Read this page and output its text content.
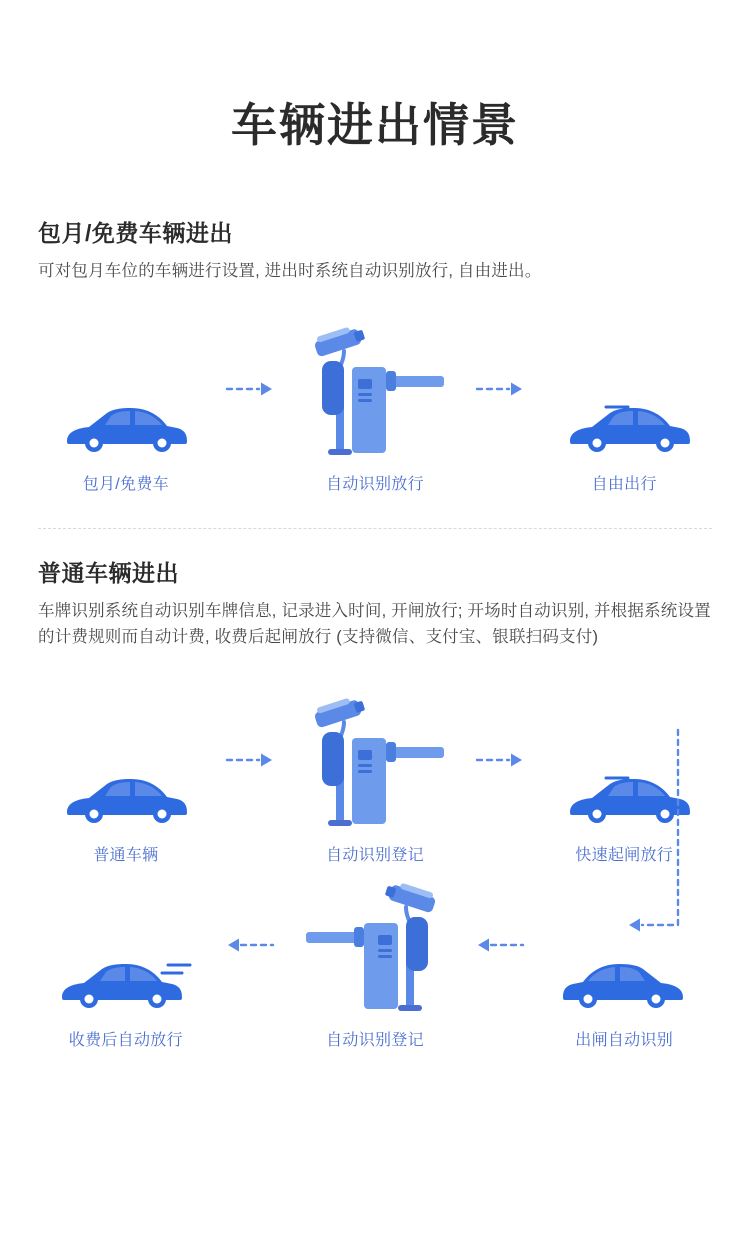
车辆进出情景
包月/免费车辆进出
可对包月车位的车辆进行设置, 进出时系统自动识别放行, 自由进出。
包月/免费车	自动识别放行	自由出行
普通车辆进出
车牌识别系统自动识别车牌信息, 记录进入时间, 开闸放行; 开场时自动识别, 并根据系统设置的计费规则而自动计费, 收费后起闸放行 (支持微信、支付宝、银联扫码支付)
普通车辆	自动识别登记	快速起闸放行
收费后自动放行	自动识别登记	出闸自动识别
